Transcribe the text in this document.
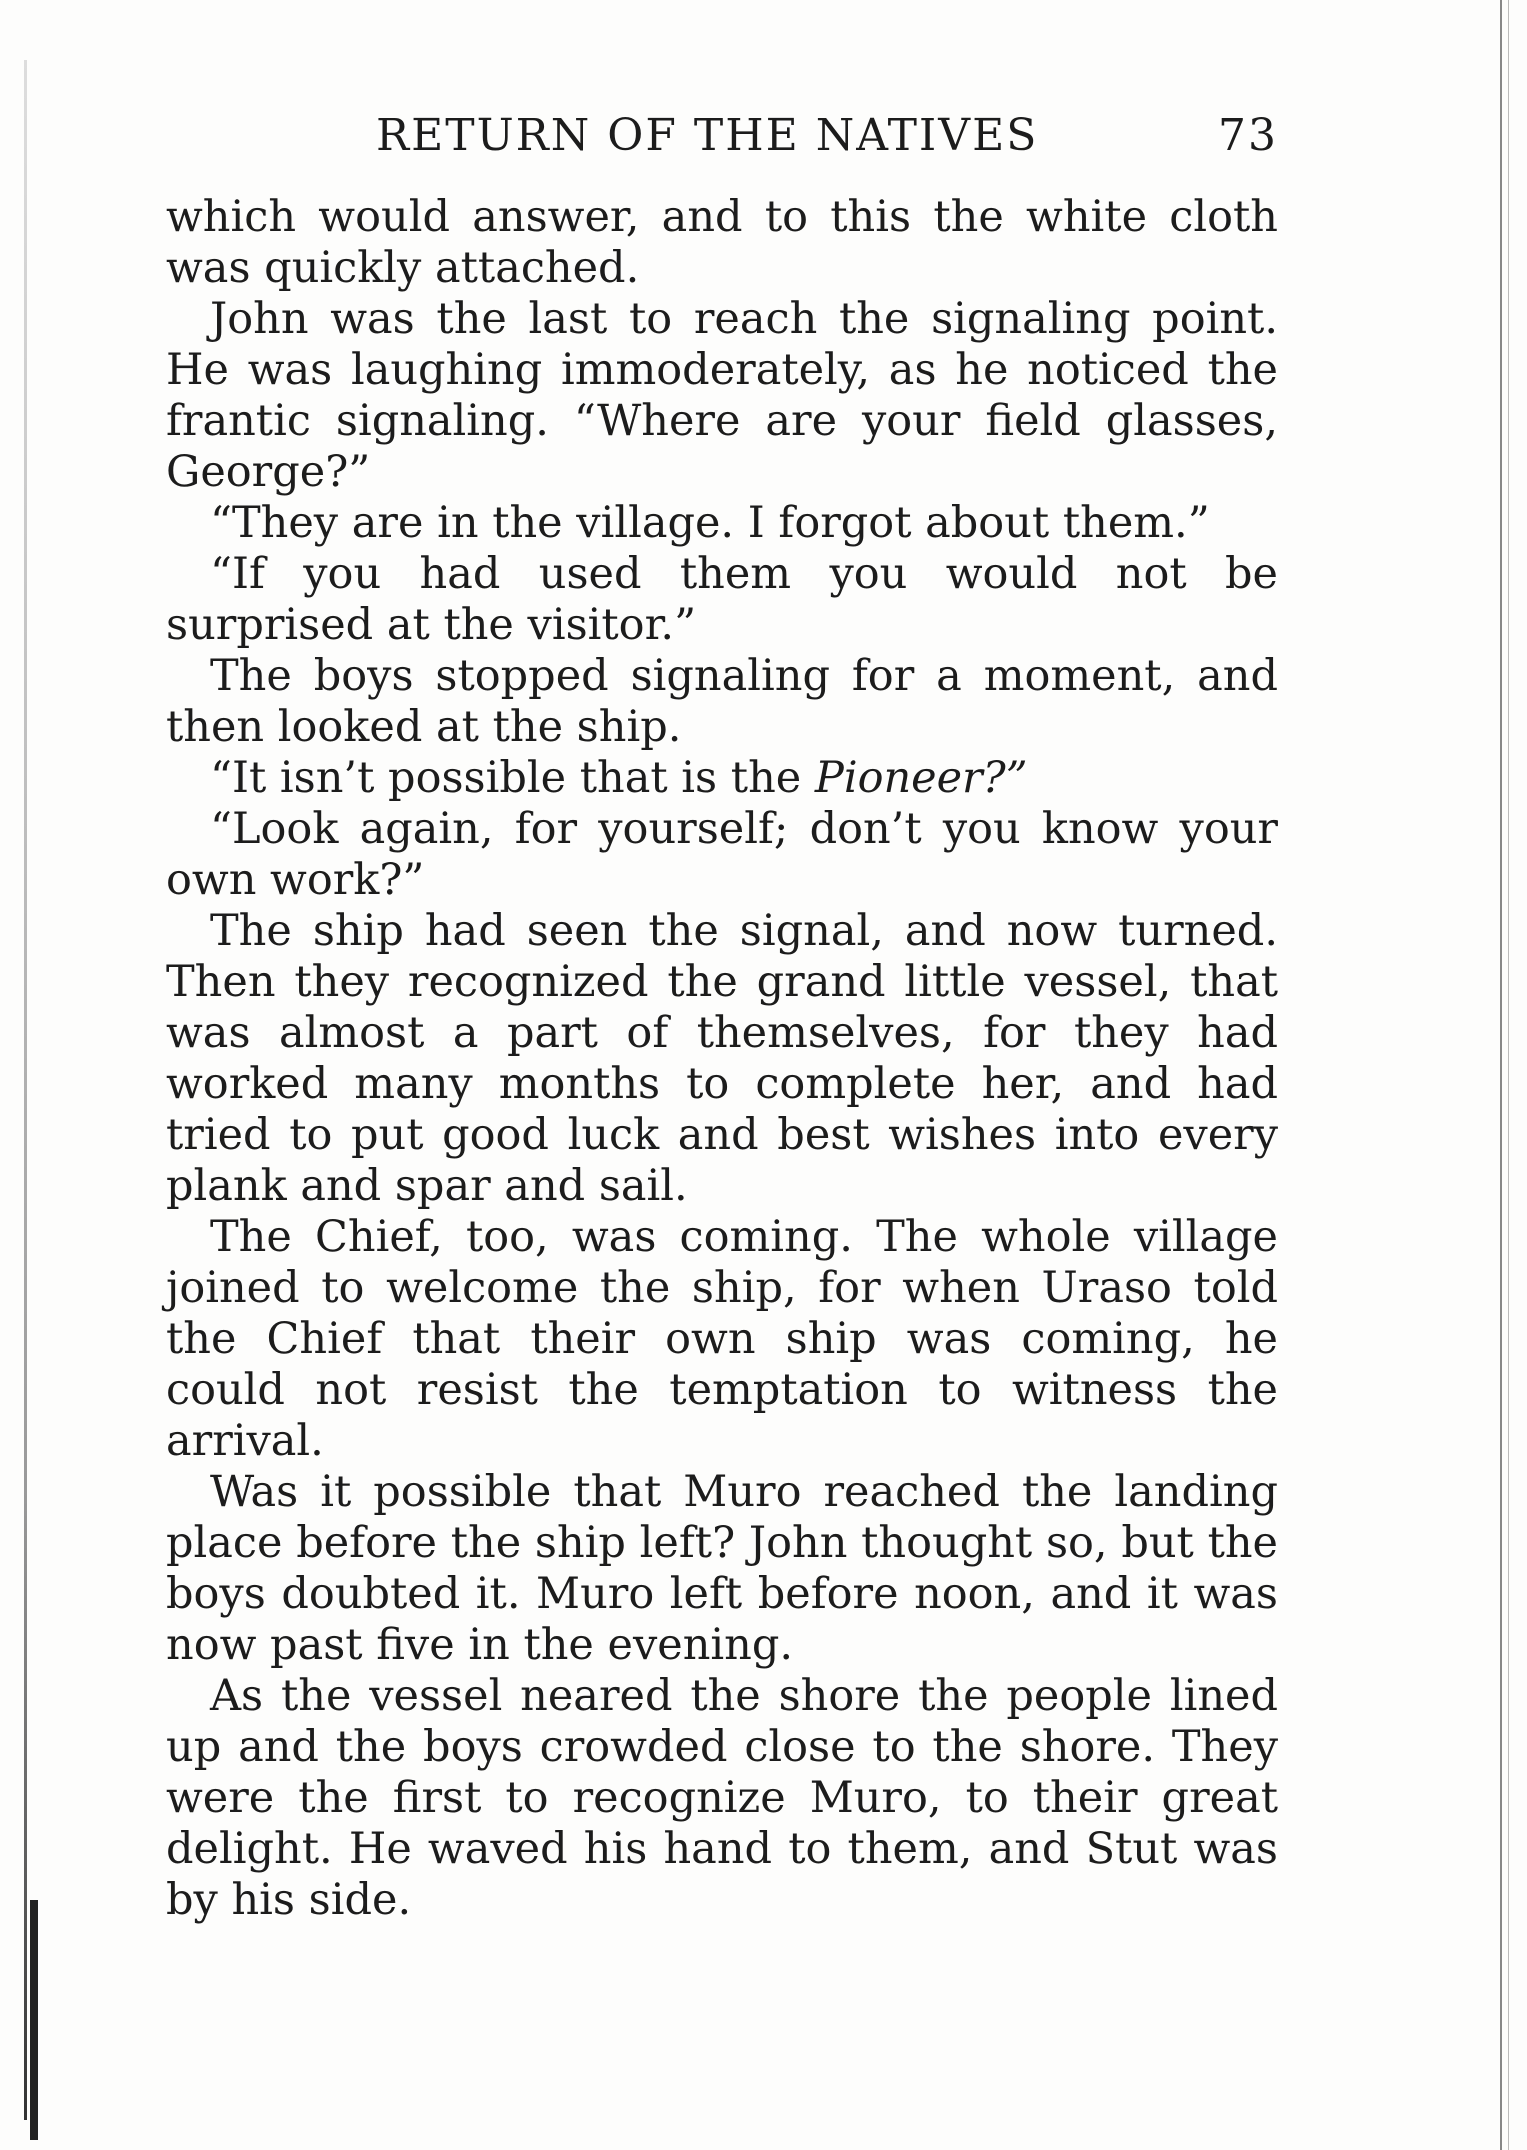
RETURN OF THE NATIVES	73

which would answer, and to this the white cloth was quickly attached.

John was the last to reach the signaling point. He was laughing immoderately, as he noticed the frantic signaling. “Where are your field glasses, George?”

“They are in the village. I forgot about them.”

“If you had used them you would not be surprised at the visitor.”

The boys stopped signaling for a moment, and then looked at the ship.

“It isn’t possible that is the Pioneer?”

“Look again, for yourself; don’t you know your own work?”

The ship had seen the signal, and now turned. Then they recognized the grand little vessel, that was almost a part of themselves, for they had worked many months to complete her, and had tried to put good luck and best wishes into every plank and spar and sail.

The Chief, too, was coming. The whole village joined to welcome the ship, for when Uraso told the Chief that their own ship was coming, he could not resist the temptation to witness the arrival.

Was it possible that Muro reached the landing place before the ship left? John thought so, but the boys doubted it. Muro left before noon, and it was now past five in the evening.

As the vessel neared the shore the people lined up and the boys crowded close to the shore. They were the first to recognize Muro, to their great delight. He waved his hand to them, and Stut was by his side.
